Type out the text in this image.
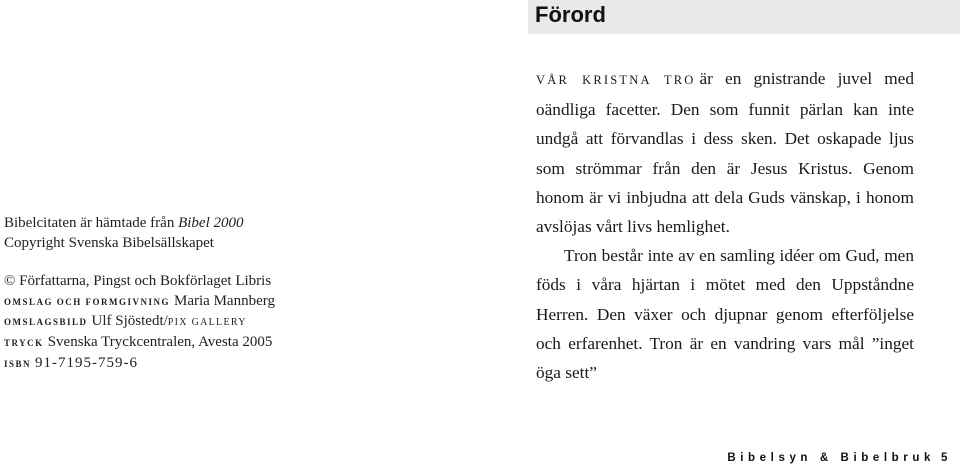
Förord
Bibelcitaten är hämtade från Bibel 2000
Copyright Svenska Bibelsällskapet
© Författarna, Pingst och Bokförlaget Libris
OMSLAG OCH FORMGIVNING Maria Mannberg
OMSLAGSBILD Ulf Sjöstedt/PIX GALLERY
TRYCK Svenska Tryckcentralen, Avesta 2005
ISBN 91-7195-759-6

VÅR KRISTNA TRO är en gnistrande juvel med oändliga facetter. Den som funnit pärlan kan inte undgå att förvandlas i dess sken. Det oskapade ljus som strömmar från den är Jesus Kristus. Genom honom är vi inbjudna att dela Guds vänskap, i honom avslöjas vårt livs hemlighet.

Tron består inte av en samling idéer om Gud, men föds i våra hjärtan i mötet med den Uppståndne Herren. Den växer och djupnar genom efterföljelse och erfarenhet. Tron är en vandring vars mål ”inget öga sett”

Bibelsyn & Bibelbruk 5
